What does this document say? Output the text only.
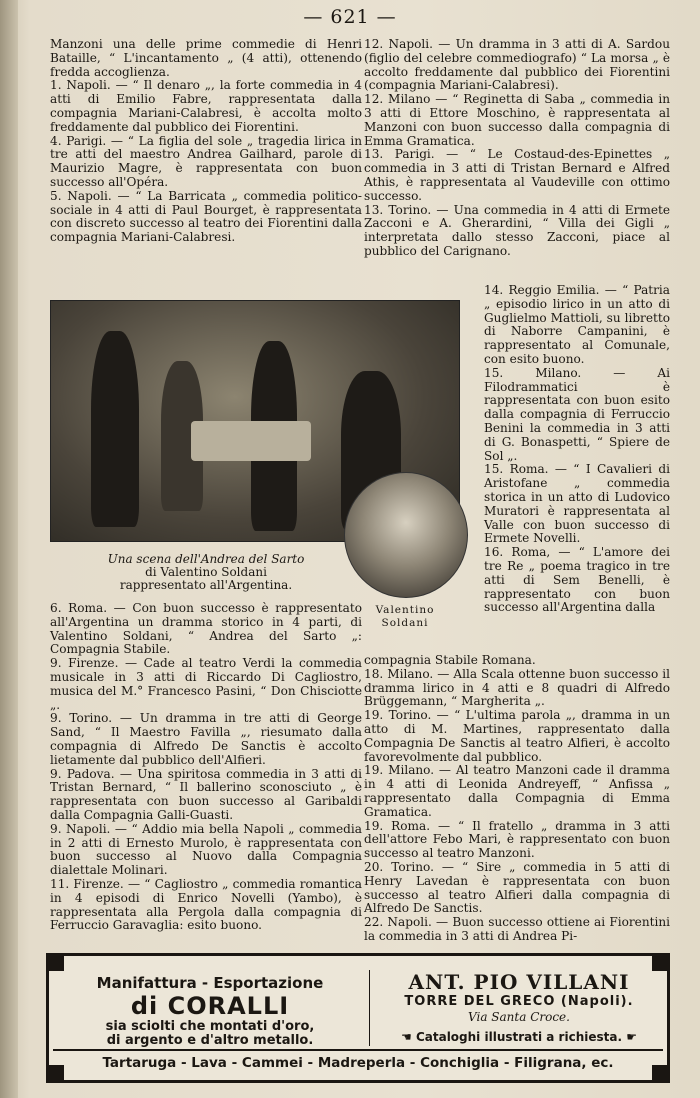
— 621 —

Manzoni una delle prime commedie di Henri Bataille, “ L'incantamento „ (4 atti), ottenendo fredda accoglienza.

1. Napoli. — “ Il denaro „, la forte commedia in 4 atti di Emilio Fabre, rappresentata dalla compagnia Mariani-Calabresi, è accolta molto freddamente dal pubblico dei Fiorentini.

4. Parigi. — “ La figlia del sole „ tragedia lirica in tre atti del maestro Andrea Gailhard, parole di Maurizio Magre, è rappresentata con buon successo all'Opéra.

5. Napoli. — “ La Barricata „ commedia politico-sociale in 4 atti di Paul Bourget, è rappresentata con discreto successo al teatro dei Fiorentini dalla compagnia Mariani-Calabresi.

Una scena dell'Andrea del Sarto
di Valentino Soldani
rappresentato all'Argentina.
Valentino
Soldani

6. Roma. — Con buon successo è rappresentato all'Argentina un dramma storico in 4 parti, di Valentino Soldani, “ Andrea del Sarto „: Compagnia Stabile.

9. Firenze. — Cade al teatro Verdi la commedia musicale in 3 atti di Riccardo Di Cagliostro, musica del M.° Francesco Pasini, “ Don Chisciotte „.

9. Torino. — Un dramma in tre atti di George Sand, “ Il Maestro Favilla „, riesumato dalla compagnia di Alfredo De Sanctis è accolto lietamente dal pubblico dell'Alfieri.

9. Padova. — Una spiritosa commedia in 3 atti di Tristan Bernard, “ Il ballerino sconosciuto „ è rappresentata con buon successo al Garibaldi dalla Compagnia Galli-Guasti.

9. Napoli. — “ Addio mia bella Napoli „ commedia in 2 atti di Ernesto Murolo, è rappresentata con buon successo al Nuovo dalla Compagnia dialettale Molinari.

11. Firenze. — “ Cagliostro „ commedia romantica in 4 episodi di Enrico Novelli (Yambo), è rappresentata alla Pergola dalla compagnia di Ferruccio Garavaglia: esito buono.

12. Napoli. — Un dramma in 3 atti di A. Sardou (figlio del celebre commediografo) “ La morsa „ è accolto freddamente dal pubblico dei Fiorentini (compagnia Mariani-Calabresi).

12. Milano — “ Reginetta di Saba „ commedia in 3 atti di Ettore Moschino, è rappresentata al Manzoni con buon successo dalla compagnia di Emma Gramatica.

13. Parigi. — “ Le Costaud-des-Epinettes „ commedia in 3 atti di Tristan Bernard e Alfred Athis, è rappresentata al Vaudeville con ottimo successo.

13. Torino. — Una commedia in 4 atti di Ermete Zacconi e A. Gherardini, “ Villa dei Gigli „ interpretata dallo stesso Zacconi, piace al pubblico del Carignano.

14. Reggio Emilia. — “ Patria „ episodio lirico in un atto di Guglielmo Mattioli, su libretto di Naborre Campanini, è rappresentato al Comunale, con esito buono.

15. Milano. — Ai Filodrammatici è rappresentata con buon esito dalla compagnia di Ferruccio Benini la commedia in 3 atti di G. Bonaspetti, “ Spiere de Sol „.

15. Roma. — “ I Cavalieri di Aristofane „ commedia storica in un atto di Ludovico Muratori è rappresentata al Valle con buon successo di Ermete Novelli.

16. Roma, — “ L'amore dei tre Re „ poema tragico in tre atti di Sem Benelli, è rappresentato con buon successo all'Argentina dalla

compagnia Stabile Romana.

18. Milano. — Alla Scala ottenne buon successo il dramma lirico in 4 atti e 8 quadri di Alfredo Brüggemann, “ Margherita „.

19. Torino. — “ L'ultima parola „, dramma in un atto di M. Martines, rappresentato dalla Compagnia De Sanctis al teatro Alfieri, è accolto favorevolmente dal pubblico.

19. Milano. — Al teatro Manzoni cade il dramma in 4 atti di Leonida Andreyeff, “ Anfissa „ rappresentato dalla Compagnia di Emma Gramatica.

19. Roma. — “ Il fratello „ dramma in 3 atti dell'attore Febo Mari, è rappresentato con buon successo al teatro Manzoni.

20. Torino. — “ Sire „ commedia in 5 atti di Henry Lavedan è rappresentata con buon successo al teatro Alfieri dalla compagnia di Alfredo De Sanctis.

22. Napoli. — Buon successo ottiene ai Fiorentini la commedia in 3 atti di Andrea Pi-

Manifattura - Esportazione
di CORALLI
sia sciolti che montati d'oro,
di argento e d'altro metallo.
ANT. PIO VILLANI
TORRE DEL GRECO (Napoli).
Via Santa Croce.
☚ Cataloghi illustrati a richiesta. ☛
Tartaruga - Lava - Cammei - Madreperla - Conchiglia - Filigrana, ec.
